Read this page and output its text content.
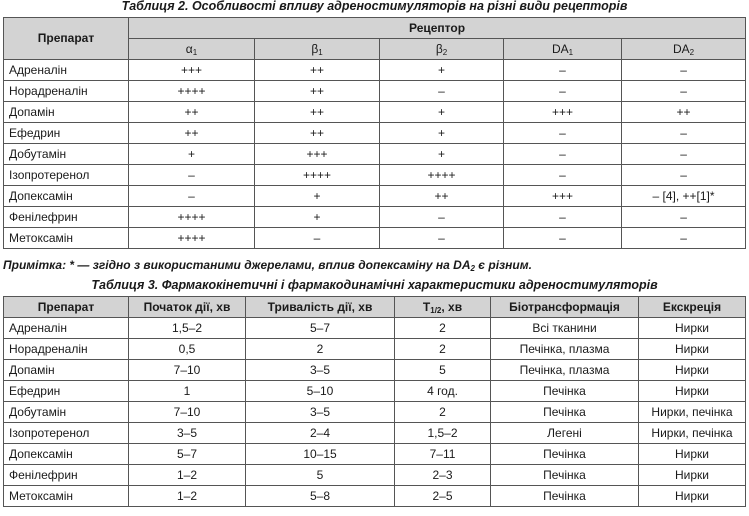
Таблиця 2. Особливості впливу адреностимуляторів на різні види рецепторів
Препарат	Рецептор				
	$\alpha_1$	$\beta_1$	$\beta_2$	$DA_1$	$DA_2$
Адреналін	+++	++	+	–	–
Норадреналін	++++	++	–	–	–
Допамін	++	++	+	+++	++
Ефедрин	++	++	+	–	–
Добутамін	+	+++	+	–	–
Ізопротеренол	–	++++	++++	–	–
Допексамін	–	+	++	+++	– [4], ++[1]*
Фенілефрин	++++	+	–	–	–
Метоксамін	++++	–	–	–	–
Примітка: * — згідно з використаними джерелами, вплив допексаміну на $DA_2$ є різним.
Таблиця 3. Фармакокінетичні і фармакодинамічні характеристики адреностимуляторів
Препарат	Початок дії, хв	Тривалість дії, хв	$T_{1/2}$, хв	Біотрансформація	Екскреція
Адреналін	1,5–2	5–7	2	Всі тканини	Нирки
Норадреналін	0,5	2	2	Печінка, плазма	Нирки
Допамін	7–10	3–5	5	Печінка, плазма	Нирки
Ефедрин	1	5–10	4 год.	Печінка	Нирки
Добутамін	7–10	3–5	2	Печінка	Нирки, печінка
Ізопротеренол	3–5	2–4	1,5–2	Легені	Нирки, печінка
Допексамін	5–7	10–15	7–11	Печінка	Нирки
Фенілефрин	1–2	5	2–3	Печінка	Нирки
Метоксамін	1–2	5–8	2–5	Печінка	Нирки
